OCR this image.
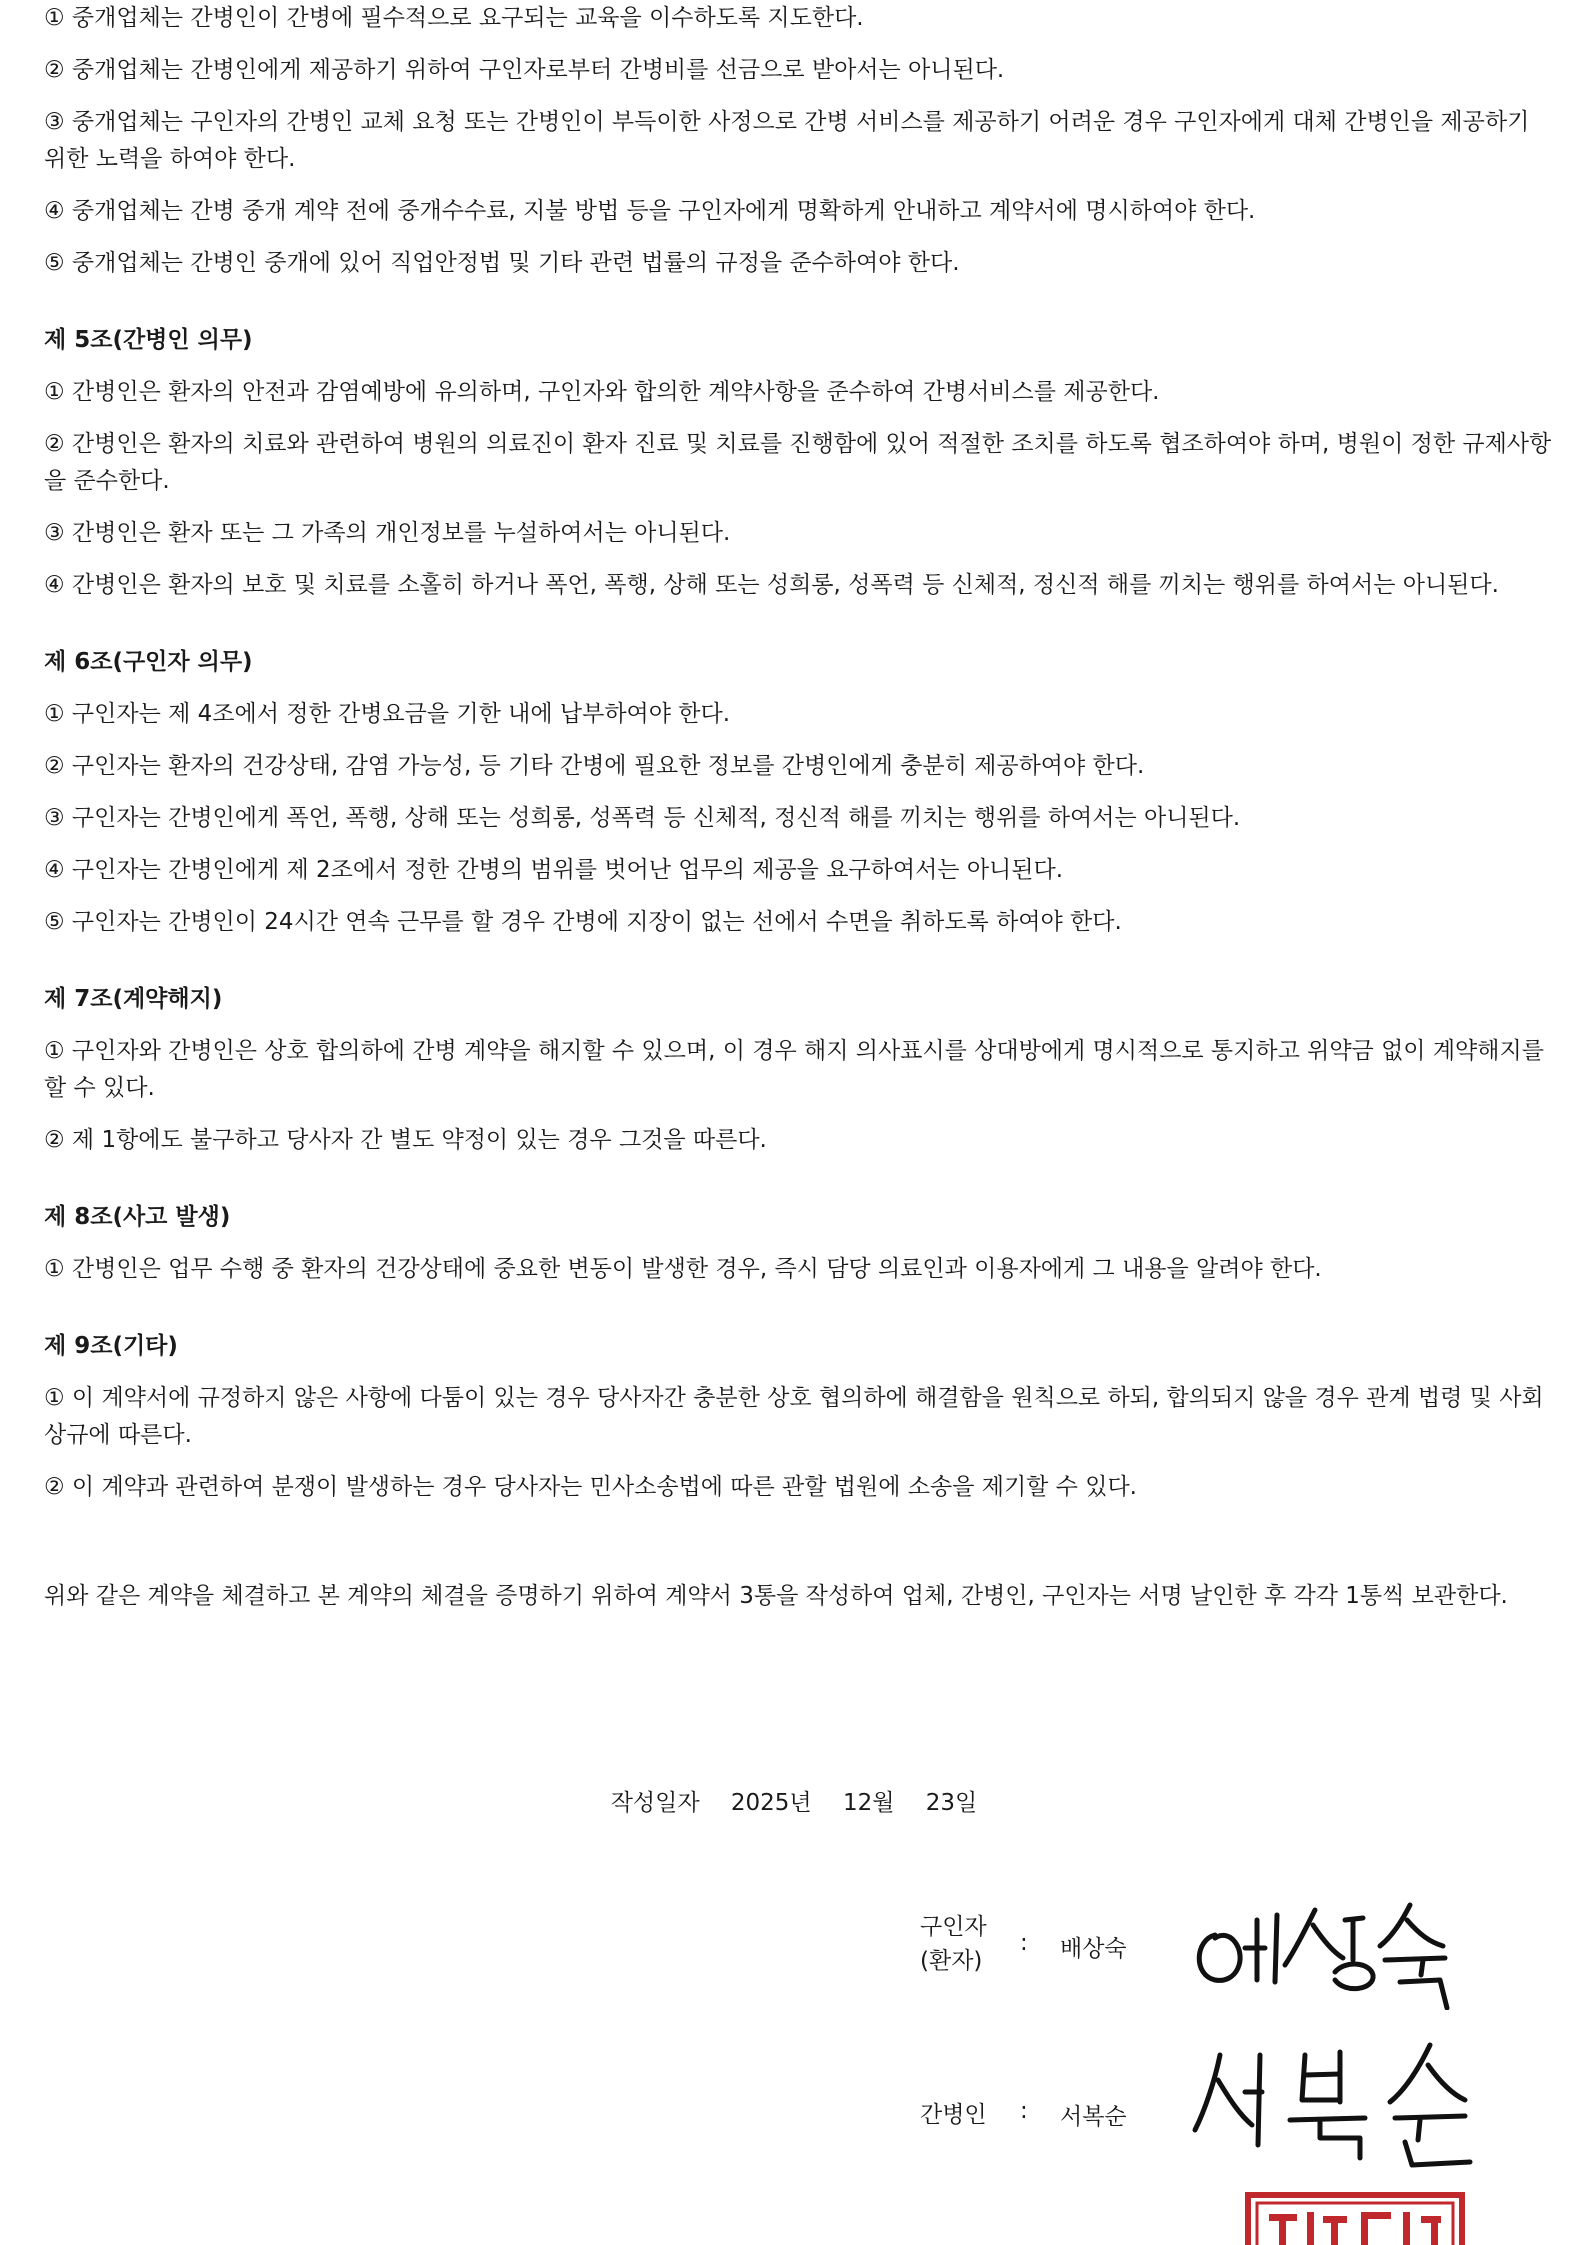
① 중개업체는 간병인이 간병에 필수적으로 요구되는 교육을 이수하도록 지도한다.

② 중개업체는 간병인에게 제공하기 위하여 구인자로부터 간병비를 선금으로 받아서는 아니된다.

③ 중개업체는 구인자의 간병인 교체 요청 또는 간병인이 부득이한 사정으로 간병 서비스를 제공하기 어려운 경우 구인자에게 대체 간병인을 제공하기 위한 노력을 하여야 한다.

④ 중개업체는 간병 중개 계약 전에 중개수수료, 지불 방법 등을 구인자에게 명확하게 안내하고 계약서에 명시하여야 한다.

⑤ 중개업체는 간병인 중개에 있어 직업안정법 및 기타 관련 법률의 규정을 준수하여야 한다.

제 5조(간병인 의무)

① 간병인은 환자의 안전과 감염예방에 유의하며, 구인자와 합의한 계약사항을 준수하여 간병서비스를 제공한다.

② 간병인은 환자의 치료와 관련하여 병원의 의료진이 환자 진료 및 치료를 진행함에 있어 적절한 조치를 하도록 협조하여야 하며, 병원이 정한 규제사항을 준수한다.

③ 간병인은 환자 또는 그 가족의 개인정보를 누설하여서는 아니된다.

④ 간병인은 환자의 보호 및 치료를 소홀히 하거나 폭언, 폭행, 상해 또는 성희롱, 성폭력 등 신체적, 정신적 해를 끼치는 행위를 하여서는 아니된다.

제 6조(구인자 의무)

① 구인자는 제 4조에서 정한 간병요금을 기한 내에 납부하여야 한다.

② 구인자는 환자의 건강상태, 감염 가능성, 등 기타 간병에 필요한 정보를 간병인에게 충분히 제공하여야 한다.

③ 구인자는 간병인에게 폭언, 폭행, 상해 또는 성희롱, 성폭력 등 신체적, 정신적 해를 끼치는 행위를 하여서는 아니된다.

④ 구인자는 간병인에게 제 2조에서 정한 간병의 범위를 벗어난 업무의 제공을 요구하여서는 아니된다.

⑤ 구인자는 간병인이 24시간 연속 근무를 할 경우 간병에 지장이 없는 선에서 수면을 취하도록 하여야 한다.

제 7조(계약해지)

① 구인자와 간병인은 상호 합의하에 간병 계약을 해지할 수 있으며, 이 경우 해지 의사표시를 상대방에게 명시적으로 통지하고 위약금 없이 계약해지를 할 수 있다.

② 제 1항에도 불구하고 당사자 간 별도 약정이 있는 경우 그것을 따른다.

제 8조(사고 발생)

① 간병인은 업무 수행 중 환자의 건강상태에 중요한 변동이 발생한 경우, 즉시 담당 의료인과 이용자에게 그 내용을 알려야 한다.

제 9조(기타)

① 이 계약서에 규정하지 않은 사항에 다툼이 있는 경우 당사자간 충분한 상호 협의하에 해결함을 원칙으로 하되, 합의되지 않을 경우 관계 법령 및 사회상규에 따른다.

② 이 계약과 관련하여 분쟁이 발생하는 경우 당사자는 민사소송법에 따른 관할 법원에 소송을 제기할 수 있다.

위와 같은 계약을 체결하고 본 계약의 체결을 증명하기 위하여 계약서 3통을 작성하여 업체, 간병인, 구인자는 서명 날인한 후 각각 1통씩 보관한다.

작성일자 2025년 12월 23일
구인자
(환자)
: 배상숙
간병인 : 서복순
